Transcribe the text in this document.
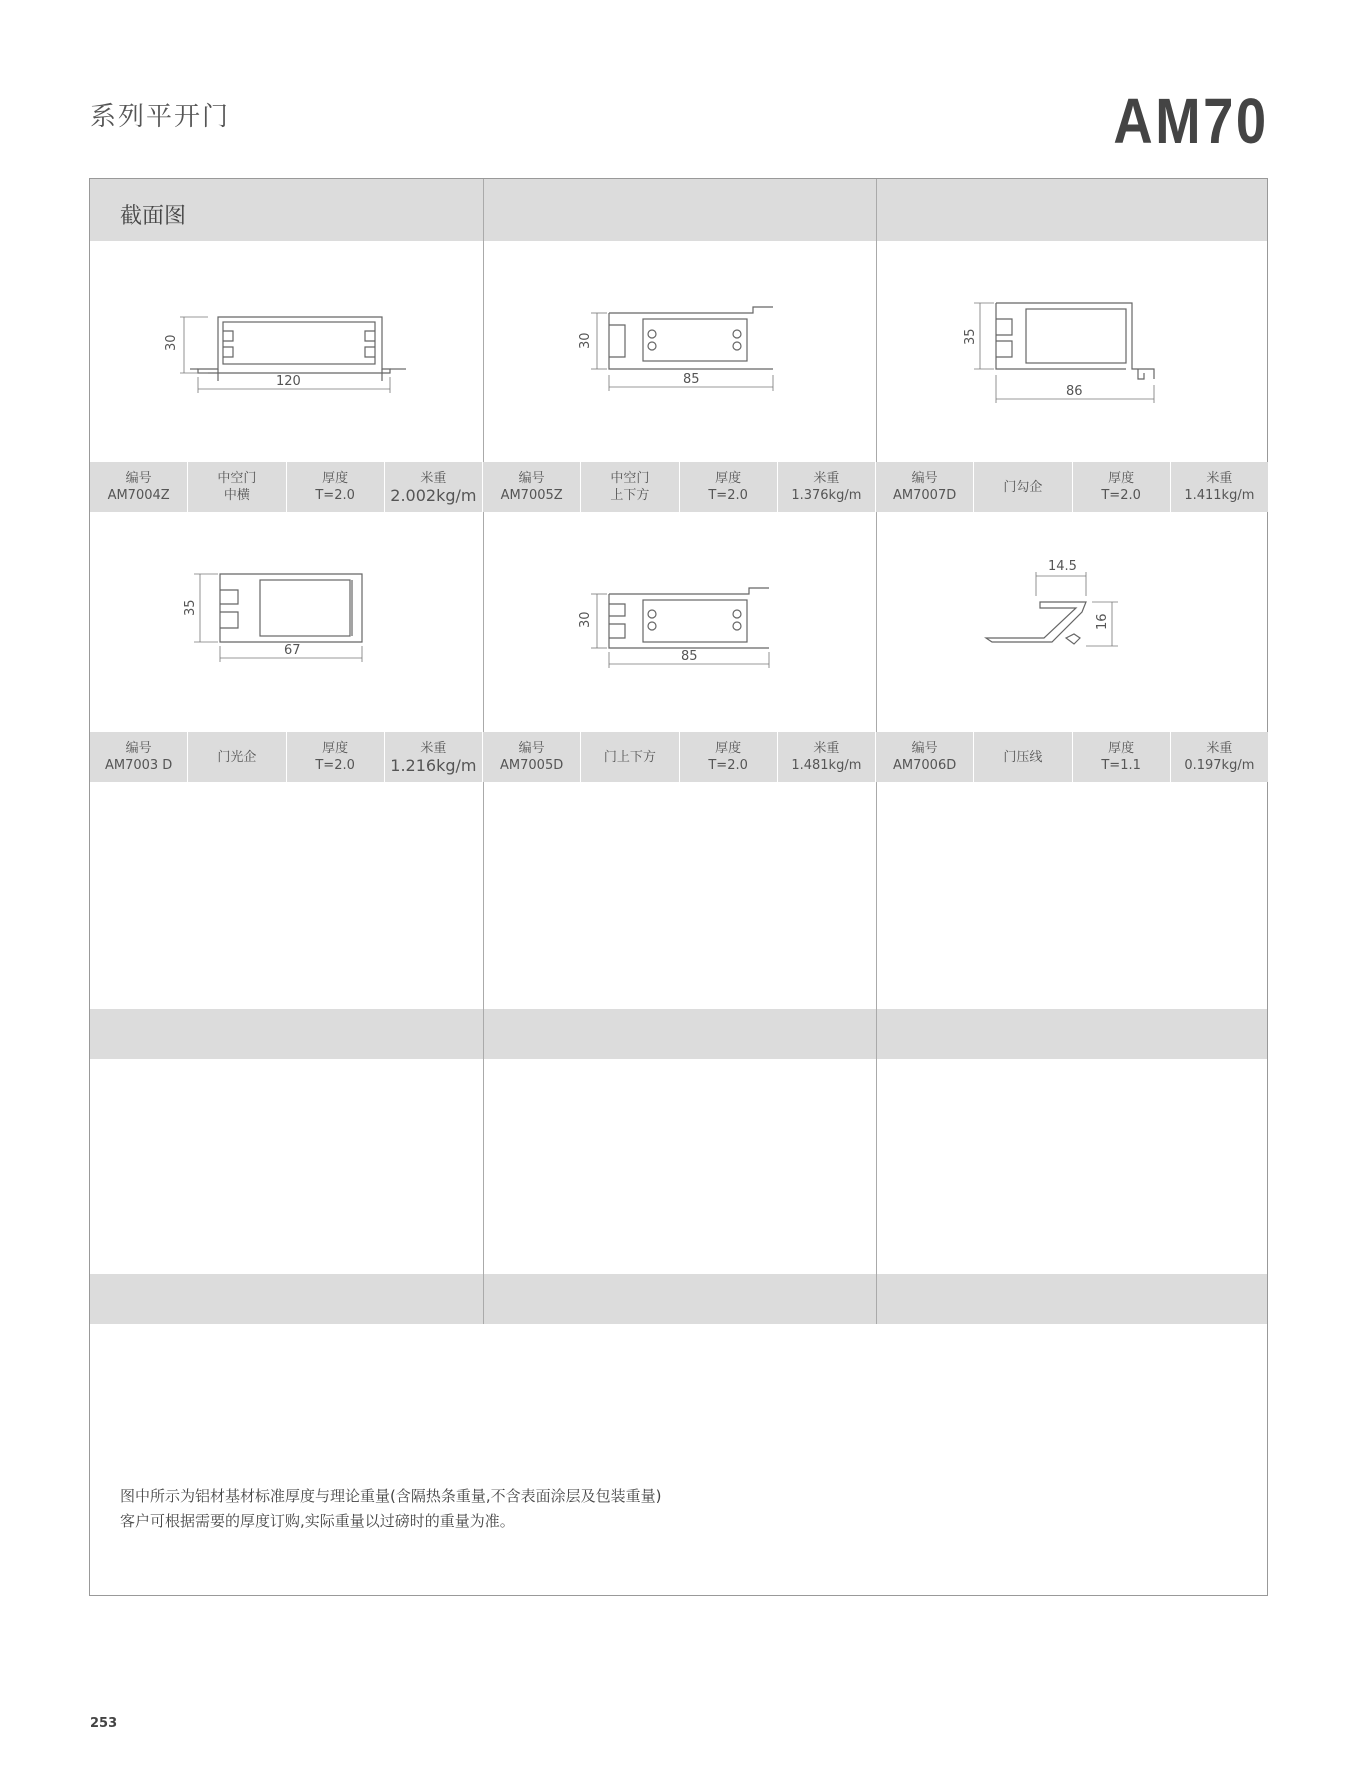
系列平开门	AM70
截面图
30
120
30
85
35
86
编号
AM7004Z
中空门
中横
厚度
T=2.0
米重
2.002kg/m
编号
AM7005Z
中空门
上下方
厚度
T=2.0
米重
1.376kg/m
编号
AM7007D
门勾企
厚度
T=2.0
米重
1.411kg/m
35
67
30
85
14.5
16
编号
AM7003 D
门光企
厚度
T=2.0
米重
1.216kg/m
编号
AM7005D
门上下方
厚度
T=2.0
米重
1.481kg/m
编号
AM7006D
门压线
厚度
T=1.1
米重
0.197kg/m
图中所示为铝材基材标准厚度与理论重量(含隔热条重量,不含表面涂层及包装重量)
客户可根据需要的厚度订购,实际重量以过磅时的重量为准。
253
